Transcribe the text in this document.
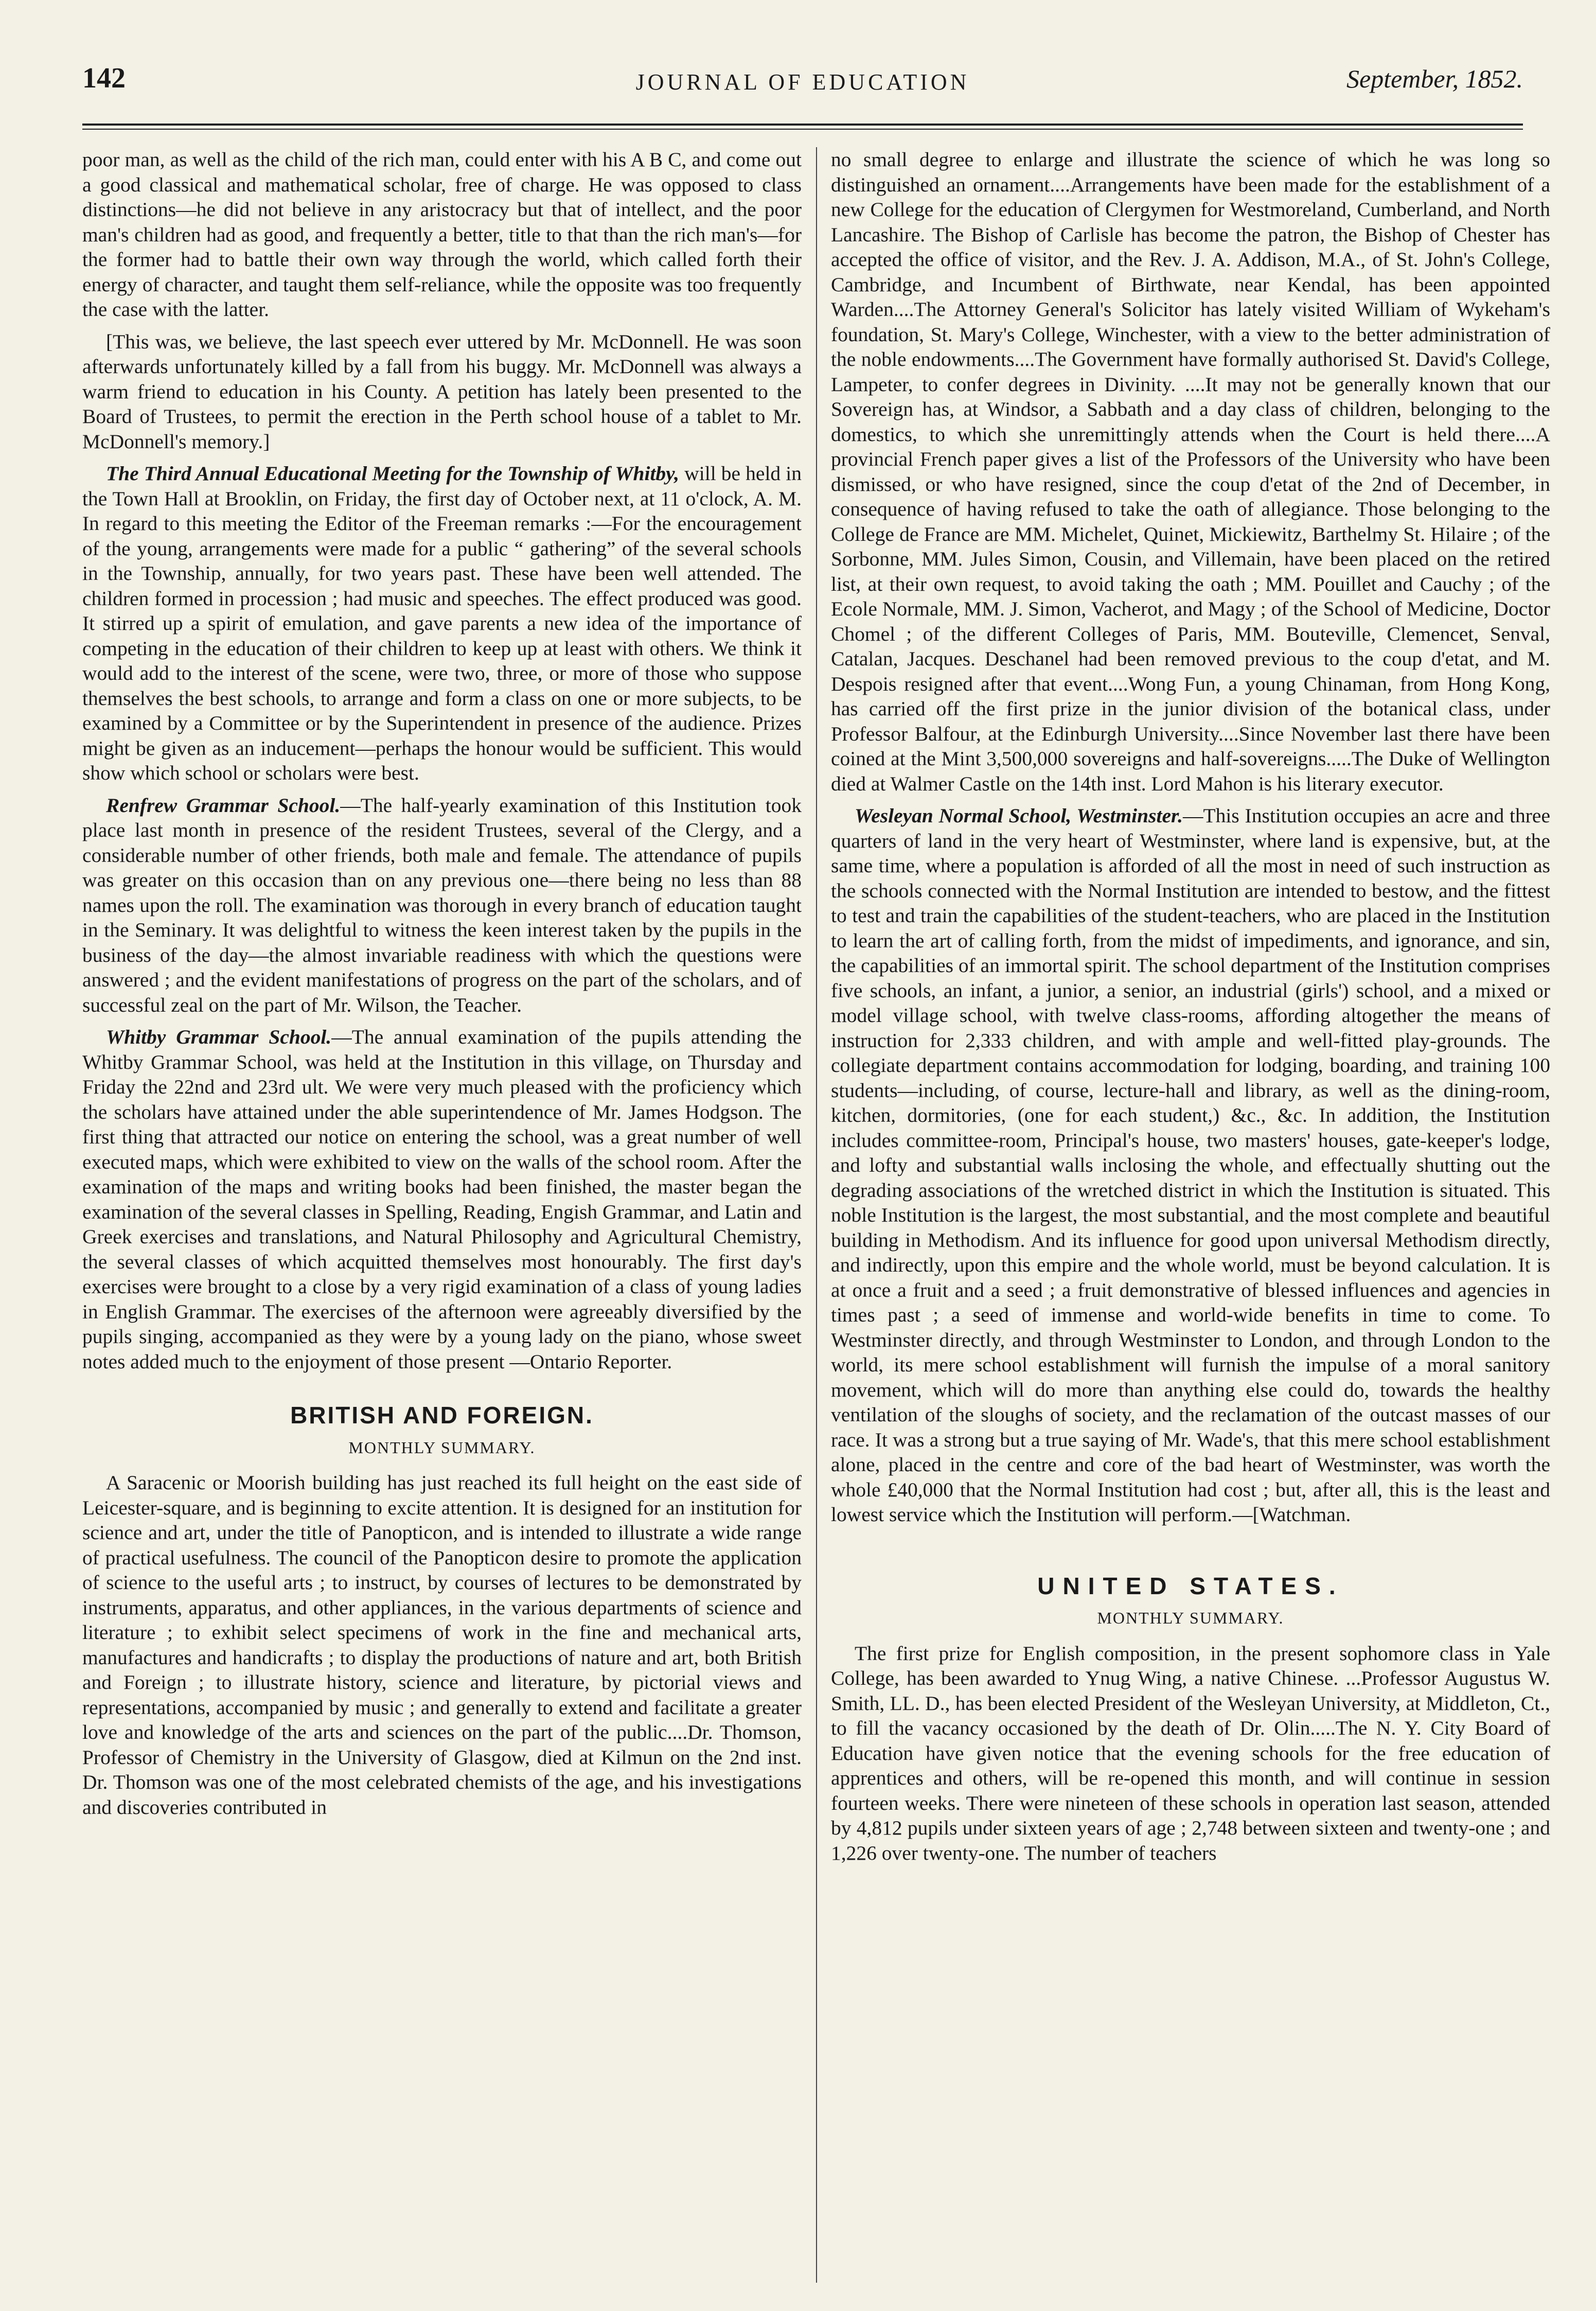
142	JOURNAL OF EDUCATION	September, 1852.

poor man, as well as the child of the rich man, could enter with his A B C, and come out a good classical and mathematical scholar, free of charge. He was opposed to class distinctions—he did not believe in any aristocracy but that of intellect, and the poor man's children had as good, and frequently a better, title to that than the rich man's—for the former had to battle their own way through the world, which called forth their energy of character, and taught them self-reliance, while the opposite was too frequently the case with the latter.

[This was, we believe, the last speech ever uttered by Mr. McDonnell. He was soon afterwards unfortunately killed by a fall from his buggy. Mr. McDonnell was always a warm friend to education in his County. A petition has lately been presented to the Board of Trustees, to permit the erection in the Perth school house of a tablet to Mr. McDonnell's memory.]

The Third Annual Educational Meeting for the Township of Whitby, will be held in the Town Hall at Brooklin, on Friday, the first day of October next, at 11 o'clock, A. M. In regard to this meeting the Editor of the Freeman remarks :—For the encouragement of the young, arrangements were made for a public “ gathering” of the several schools in the Township, annually, for two years past. These have been well attended. The children formed in procession ; had music and speeches. The effect produced was good. It stirred up a spirit of emulation, and gave parents a new idea of the importance of competing in the education of their children to keep up at least with others. We think it would add to the interest of the scene, were two, three, or more of those who suppose themselves the best schools, to arrange and form a class on one or more subjects, to be examined by a Committee or by the Superintendent in presence of the audience. Prizes might be given as an inducement—perhaps the honour would be sufficient. This would show which school or scholars were best.

Renfrew Grammar School.—The half-yearly examination of this Institution took place last month in presence of the resident Trustees, several of the Clergy, and a considerable number of other friends, both male and female. The attendance of pupils was greater on this occasion than on any previous one—there being no less than 88 names upon the roll. The examination was thorough in every branch of education taught in the Seminary. It was delightful to witness the keen interest taken by the pupils in the business of the day—the almost invariable readiness with which the questions were answered ; and the evident manifestations of progress on the part of the scholars, and of successful zeal on the part of Mr. Wilson, the Teacher.

Whitby Grammar School.—The annual examination of the pupils attending the Whitby Grammar School, was held at the Institution in this village, on Thursday and Friday the 22nd and 23rd ult. We were very much pleased with the proficiency which the scholars have attained under the able superintendence of Mr. James Hodgson. The first thing that attracted our notice on entering the school, was a great number of well executed maps, which were exhibited to view on the walls of the school room. After the examination of the maps and writing books had been finished, the master began the examination of the several classes in Spelling, Reading, Engish Grammar, and Latin and Greek exercises and translations, and Natural Philosophy and Agricultural Chemistry, the several classes of which acquitted themselves most honourably. The first day's exercises were brought to a close by a very rigid examination of a class of young ladies in English Grammar. The exercises of the afternoon were agreeably diversified by the pupils singing, accompanied as they were by a young lady on the piano, whose sweet notes added much to the enjoyment of those present —Ontario Reporter.

BRITISH AND FOREIGN.
MONTHLY SUMMARY.

A Saracenic or Moorish building has just reached its full height on the east side of Leicester-square, and is beginning to excite attention. It is designed for an institution for science and art, under the title of Panopticon, and is intended to illustrate a wide range of practical usefulness. The council of the Panopticon desire to promote the application of science to the useful arts ; to instruct, by courses of lectures to be demonstrated by instruments, apparatus, and other appliances, in the various departments of science and literature ; to exhibit select specimens of work in the fine and mechanical arts, manufactures and handicrafts ; to display the productions of nature and art, both British and Foreign ; to illustrate history, science and literature, by pictorial views and representations, accompanied by music ; and generally to extend and facilitate a greater love and knowledge of the arts and sciences on the part of the public....Dr. Thomson, Professor of Chemistry in the University of Glasgow, died at Kilmun on the 2nd inst. Dr. Thomson was one of the most celebrated chemists of the age, and his investigations and discoveries contributed in

no small degree to enlarge and illustrate the science of which he was long so distinguished an ornament....Arrangements have been made for the establishment of a new College for the education of Clergymen for Westmoreland, Cumberland, and North Lancashire. The Bishop of Carlisle has become the patron, the Bishop of Chester has accepted the office of visitor, and the Rev. J. A. Addison, M.A., of St. John's College, Cambridge, and Incumbent of Birthwate, near Kendal, has been appointed Warden....The Attorney General's Solicitor has lately visited William of Wykeham's foundation, St. Mary's College, Winchester, with a view to the better administration of the noble endowments....The Government have formally authorised St. David's College, Lampeter, to confer degrees in Divinity. ....It may not be generally known that our Sovereign has, at Windsor, a Sabbath and a day class of children, belonging to the domestics, to which she unremittingly attends when the Court is held there....A provincial French paper gives a list of the Professors of the University who have been dismissed, or who have resigned, since the coup d'etat of the 2nd of December, in consequence of having refused to take the oath of allegiance. Those belonging to the College de France are MM. Michelet, Quinet, Mickiewitz, Barthelmy St. Hilaire ; of the Sorbonne, MM. Jules Simon, Cousin, and Villemain, have been placed on the retired list, at their own request, to avoid taking the oath ; MM. Pouillet and Cauchy ; of the Ecole Normale, MM. J. Simon, Vacherot, and Magy ; of the School of Medicine, Doctor Chomel ; of the different Colleges of Paris, MM. Bouteville, Clemencet, Senval, Catalan, Jacques. Deschanel had been removed previous to the coup d'etat, and M. Despois resigned after that event....Wong Fun, a young Chinaman, from Hong Kong, has carried off the first prize in the junior division of the botanical class, under Professor Balfour, at the Edinburgh University....Since November last there have been coined at the Mint 3,500,000 sovereigns and half-sovereigns.....The Duke of Wellington died at Walmer Castle on the 14th inst. Lord Mahon is his literary executor.

Wesleyan Normal School, Westminster.—This Institution occupies an acre and three quarters of land in the very heart of Westminster, where land is expensive, but, at the same time, where a population is afforded of all the most in need of such instruction as the schools connected with the Normal Institution are intended to bestow, and the fittest to test and train the capabilities of the student-teachers, who are placed in the Institution to learn the art of calling forth, from the midst of impediments, and ignorance, and sin, the capabilities of an immortal spirit. The school department of the Institution comprises five schools, an infant, a junior, a senior, an industrial (girls') school, and a mixed or model village school, with twelve class-rooms, affording altogether the means of instruction for 2,333 children, and with ample and well-fitted play-grounds. The collegiate department contains accommodation for lodging, boarding, and training 100 students—including, of course, lecture-hall and library, as well as the dining-room, kitchen, dormitories, (one for each student,) &c., &c. In addition, the Institution includes committee-room, Principal's house, two masters' houses, gate-keeper's lodge, and lofty and substantial walls inclosing the whole, and effectually shutting out the degrading associations of the wretched district in which the Institution is situated. This noble Institution is the largest, the most substantial, and the most complete and beautiful building in Methodism. And its influence for good upon universal Methodism directly, and indirectly, upon this empire and the whole world, must be beyond calculation. It is at once a fruit and a seed ; a fruit demonstrative of blessed influences and agencies in times past ; a seed of immense and world-wide benefits in time to come. To Westminster directly, and through Westminster to London, and through London to the world, its mere school establishment will furnish the impulse of a moral sanitory movement, which will do more than anything else could do, towards the healthy ventilation of the sloughs of society, and the reclamation of the outcast masses of our race. It was a strong but a true saying of Mr. Wade's, that this mere school establishment alone, placed in the centre and core of the bad heart of Westminster, was worth the whole £40,000 that the Normal Institution had cost ; but, after all, this is the least and lowest service which the Institution will perform.—[Watchman.

UNITED STATES.
MONTHLY SUMMARY.

The first prize for English composition, in the present sophomore class in Yale College, has been awarded to Ynug Wing, a native Chinese. ...Professor Augustus W. Smith, LL. D., has been elected President of the Wesleyan University, at Middleton, Ct., to fill the vacancy occasioned by the death of Dr. Olin.....The N. Y. City Board of Education have given notice that the evening schools for the free education of apprentices and others, will be re-opened this month, and will continue in session fourteen weeks. There were nineteen of these schools in operation last season, attended by 4,812 pupils under sixteen years of age ; 2,748 between sixteen and twenty-one ; and 1,226 over twenty-one. The number of teachers
